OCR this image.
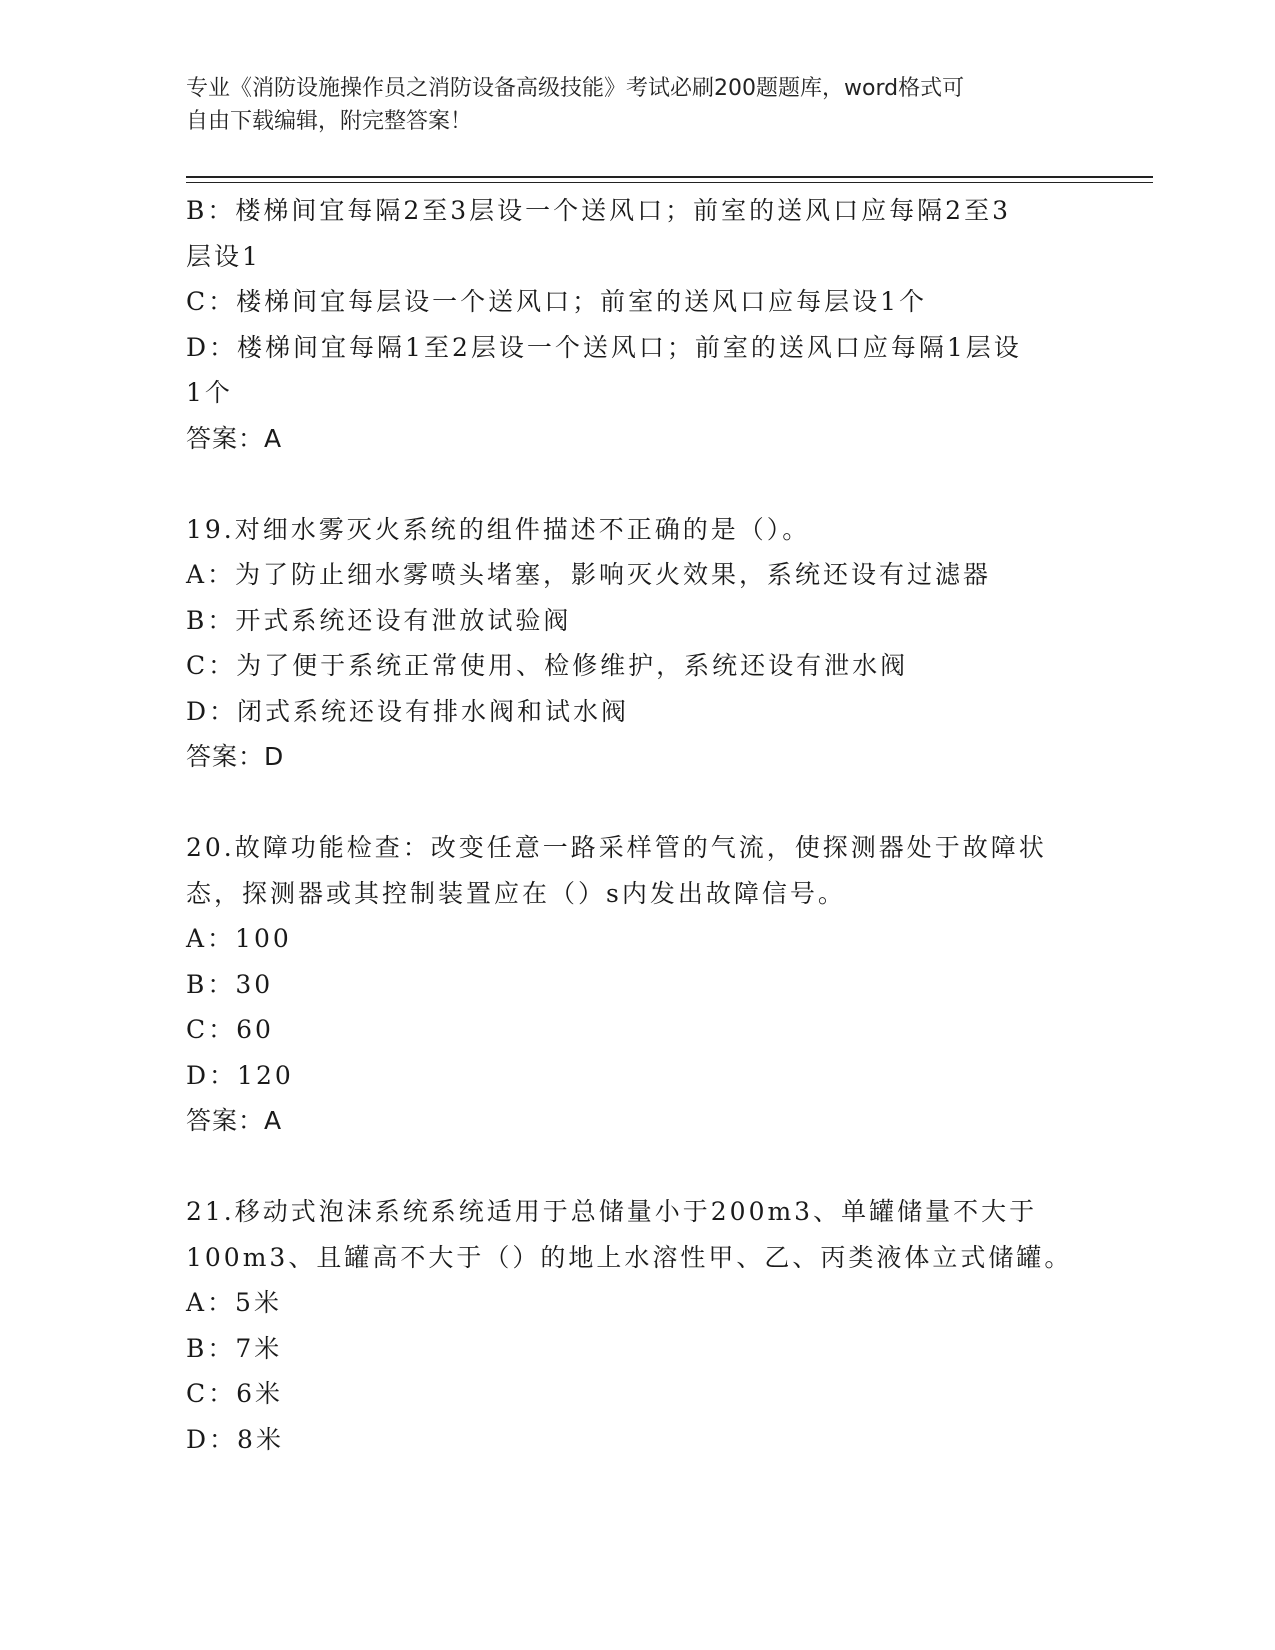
专业《消防设施操作员之消防设备高级技能》考试必刷200题题库，word格式可
自由下载编辑，附完整答案！
B：楼梯间宜每隔2至3层设一个送风口；前室的送风口应每隔2至3
层设1
C：楼梯间宜每层设一个送风口；前室的送风口应每层设1个
D：楼梯间宜每隔1至2层设一个送风口；前室的送风口应每隔1层设
1个
答案：A
19.对细水雾灭火系统的组件描述不正确的是（）。
A：为了防止细水雾喷头堵塞，影响灭火效果，系统还设有过滤器
B：开式系统还设有泄放试验阀
C：为了便于系统正常使用、检修维护，系统还设有泄水阀
D：闭式系统还设有排水阀和试水阀
答案：D
20.故障功能检查：改变任意一路采样管的气流，使探测器处于故障状
态，探测器或其控制装置应在（）s内发出故障信号。
A：100
B：30
C：60
D：120
答案：A
21.移动式泡沫系统系统适用于总储量小于200m3、单罐储量不大于
100m3、且罐高不大于（）的地上水溶性甲、乙、丙类液体立式储罐。
A：5米
B：7米
C：6米
D：8米
